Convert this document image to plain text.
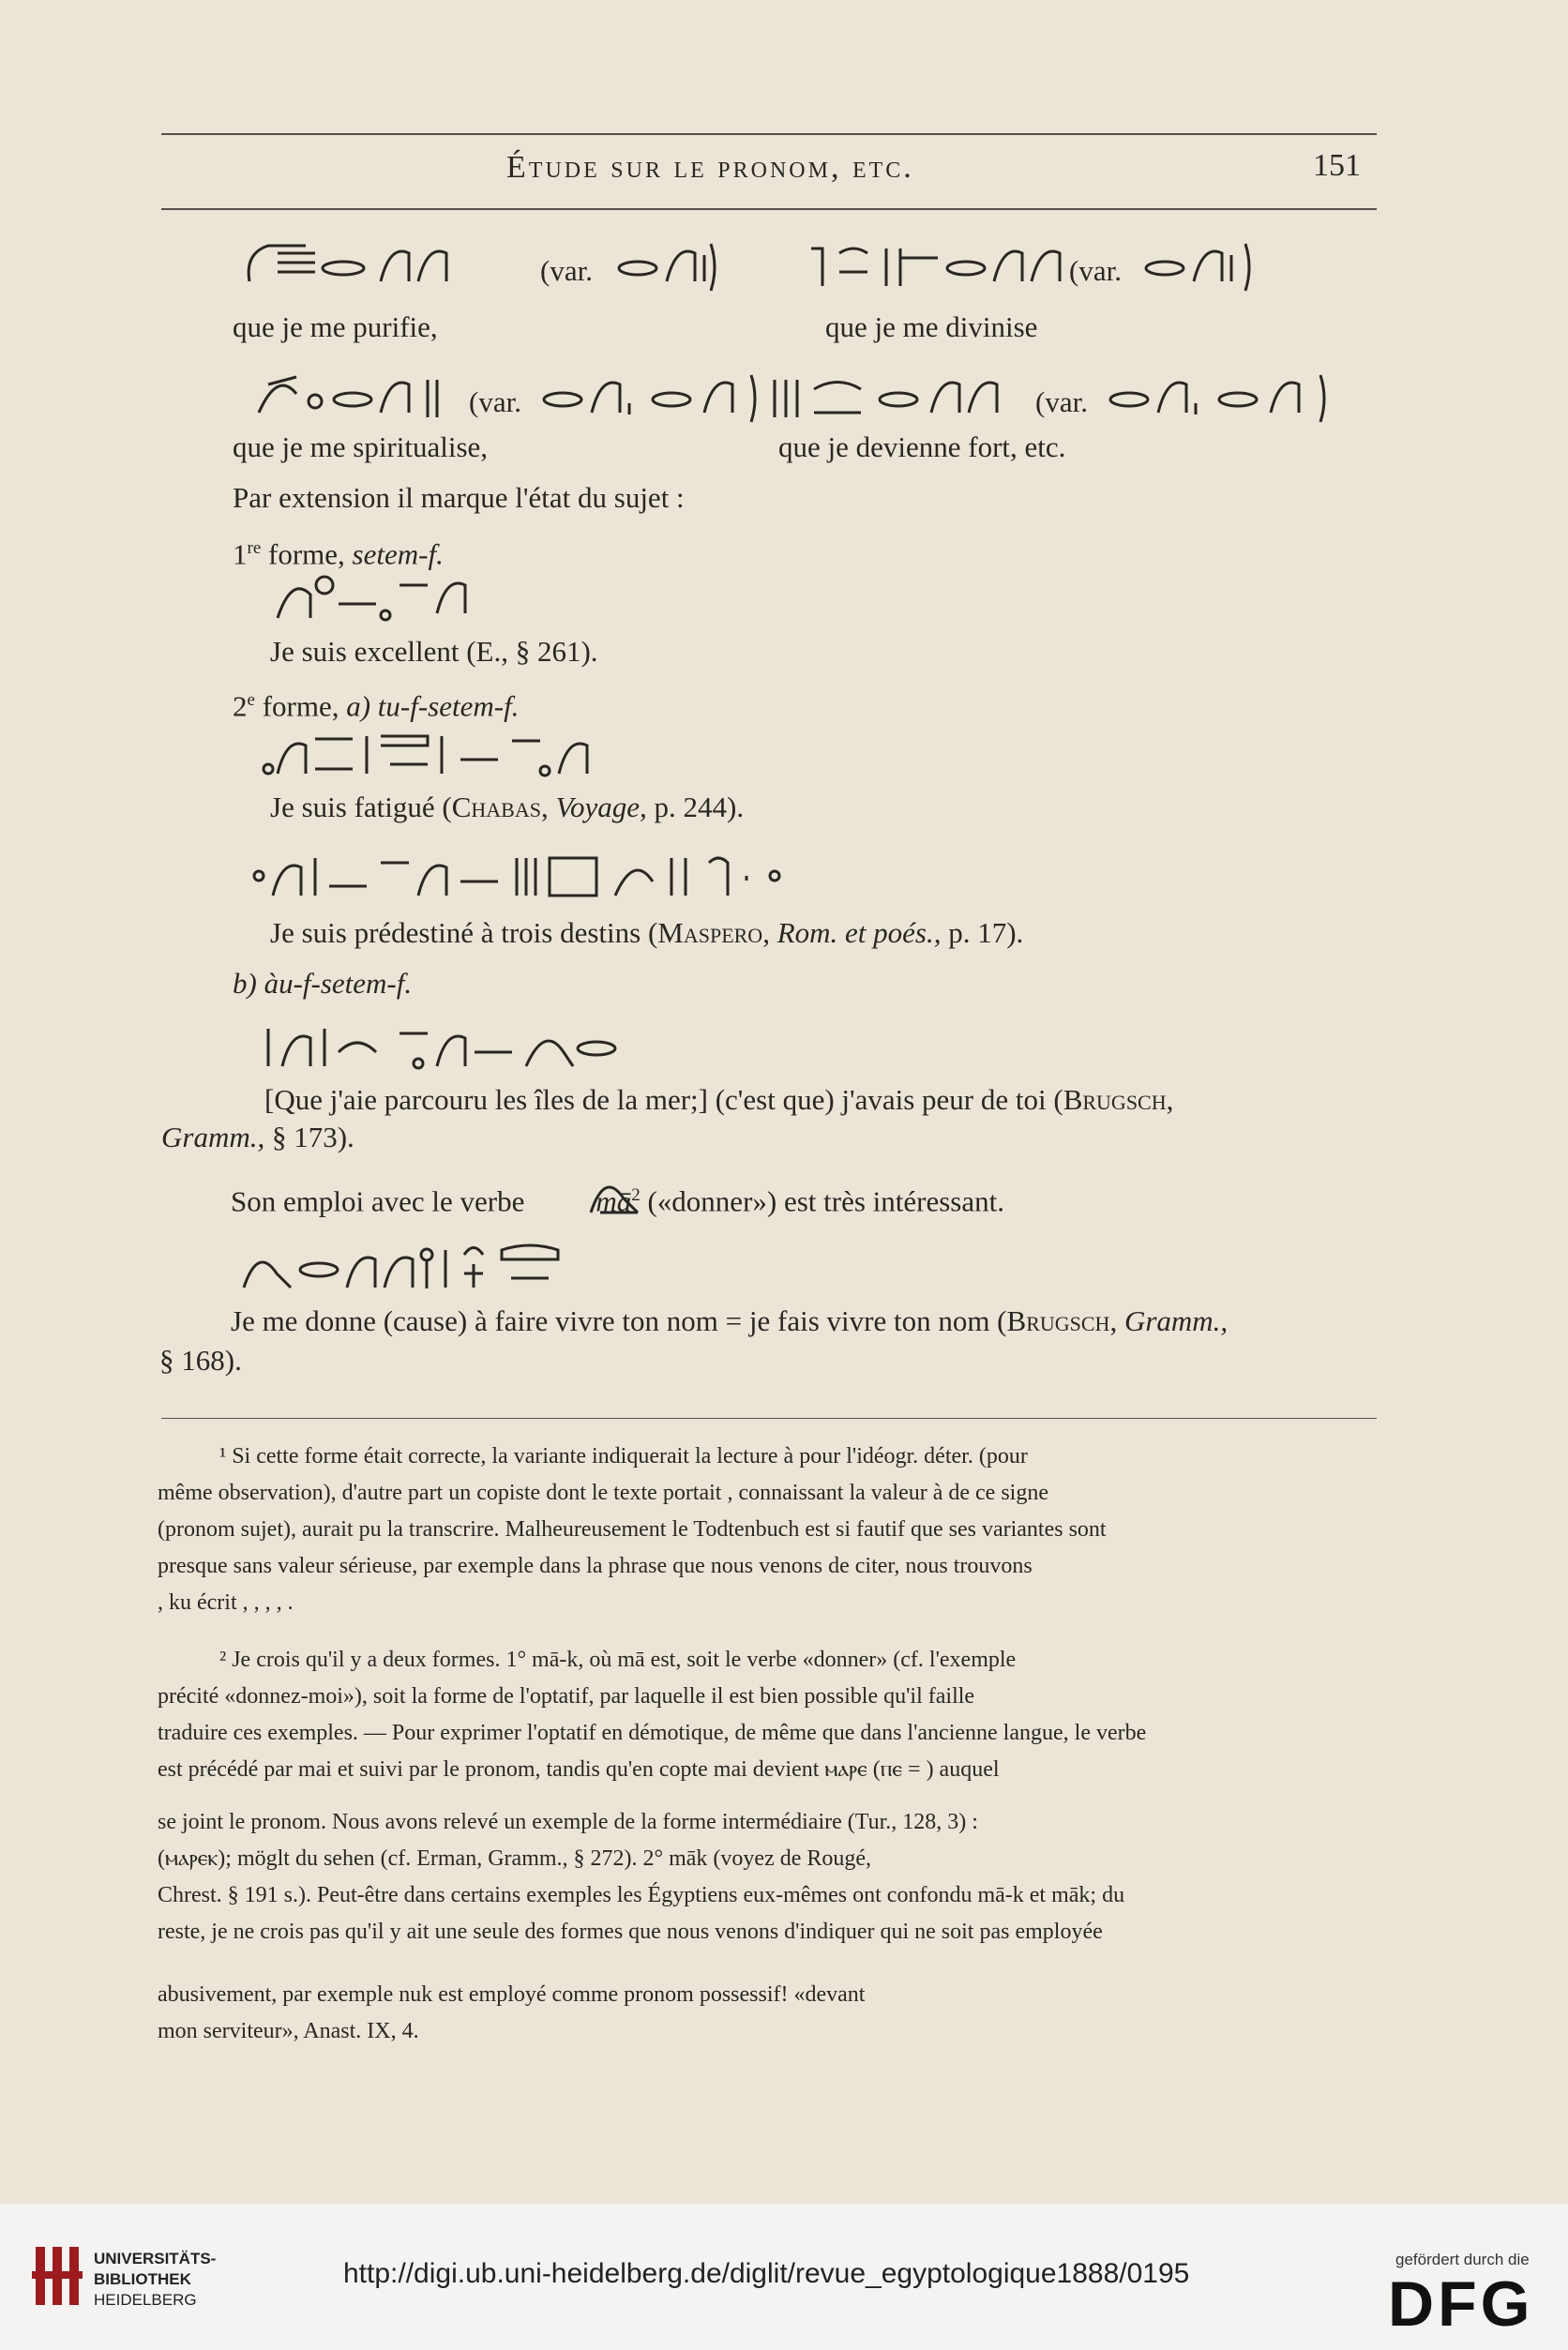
Étude sur le pronom, etc.	151
(var.	(var.
que je me purifie,	que je me divinise
(var.	(var.
que je me spiritualise,	que je devienne fort, etc.
Par extension il marque l'état du sujet :
1re forme, setem-f.
Je suis excellent (E., § 261).
2e forme, a) tu-f-setem-f.
Je suis fatigué (Chabas, Voyage, p. 244).
Je suis prédestiné à trois destins (Maspero, Rom. et poés., p. 17).
b) àu-f-setem-f.
[Que j'aie parcouru les îles de la mer;] (c'est que) j'avais peur de toi (Brugsch,
Gramm., § 173).
Son emploi avec le verbe $mā^2$ («donner») est très intéressant.
Je me donne (cause) à faire vivre ton nom = je fais vivre ton nom (Brugsch, Gramm.,
§ 168).
¹ Si cette forme était correcte, la variante indiquerait la lecture à pour l'idéogr. déter. (pour
même observation), d'autre part un copiste dont le texte portait , connaissant la valeur à de ce signe
(pronom sujet), aurait pu la transcrire. Malheureusement le Todtenbuch est si fautif que ses variantes sont
presque sans valeur sérieuse, par exemple dans la phrase que nous venons de citer, nous trouvons
, ku écrit , , , , .
² Je crois qu'il y a deux formes. 1° mā-k, où mā est, soit le verbe «donner» (cf. l'exemple
précité «donnez-moi»), soit la forme de l'optatif, par laquelle il est bien possible qu'il faille
traduire ces exemples. — Pour exprimer l'optatif en démotique, de même que dans l'ancienne langue, le verbe
est précédé par mai et suivi par le pronom, tandis qu'en copte mai devient ⲙⲁⲣⲉ (ⲡⲉ = ) auquel
se joint le pronom. Nous avons relevé un exemple de la forme intermédiaire (Tur., 128, 3) :
(ⲙⲁⲣⲉⲕ); möglt du sehen (cf. Erman, Gramm., § 272). 2° māk (voyez de Rougé,
Chrest. § 191 s.). Peut-être dans certains exemples les Égyptiens eux-mêmes ont confondu mā-k et māk; du
reste, je ne crois pas qu'il y ait une seule des formes que nous venons d'indiquer qui ne soit pas employée
abusivement, par exemple nuk est employé comme pronom possessif! «devant
mon serviteur», Anast. IX, 4.
UNIVERSITÄTS-
BIBLIOTHEK
HEIDELBERG
http://digi.ub.uni-heidelberg.de/diglit/revue_egyptologique1888/0195	gefördert durch die
DFG
